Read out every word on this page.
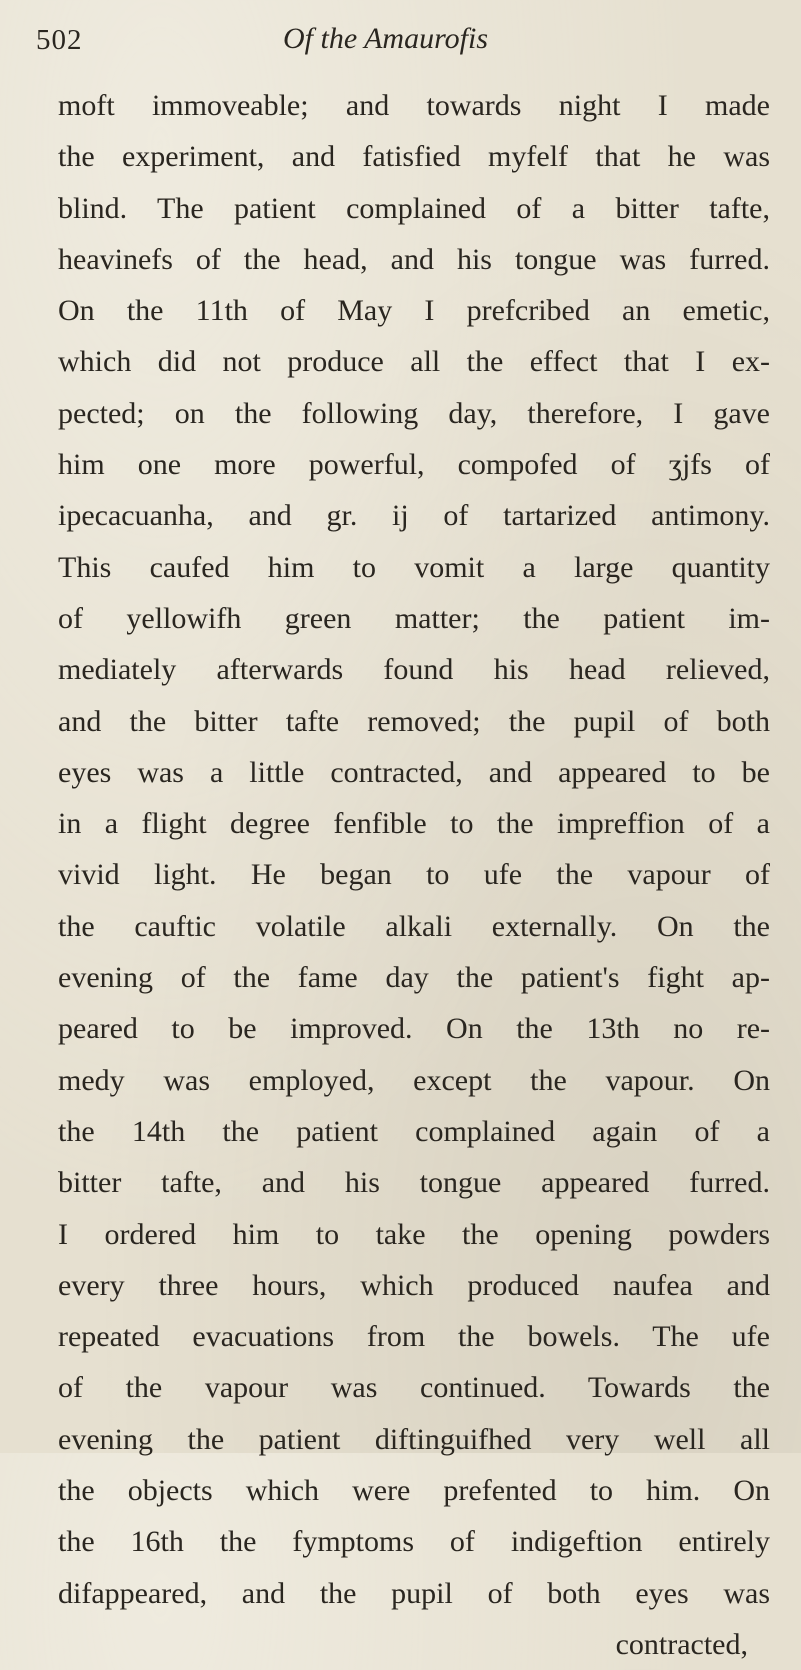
502	Of the Amaurofis
moft immoveable; and towards night I made
the experiment, and fatisfied myfelf that he was
blind. The patient complained of a bitter tafte,
heavinefs of the head, and his tongue was furred.
On the 11th of May I prefcribed an emetic,
which did not produce all the effect that I ex-
pected; on the following day, therefore, I gave
him one more powerful, compofed of ʒjfs of
ipecacuanha, and gr. ij of tartarized antimony.
This caufed him to vomit a large quantity
of yellowifh green matter; the patient im-
mediately afterwards found his head relieved,
and the bitter tafte removed; the pupil of both
eyes was a little contracted, and appeared to be
in a flight degree fenfible to the impreffion of a
vivid light. He began to ufe the vapour of
the cauftic volatile alkali externally. On the
evening of the fame day the patient's fight ap-
peared to be improved. On the 13th no re-
medy was employed, except the vapour. On
the 14th the patient complained again of a
bitter tafte, and his tongue appeared furred.
I ordered him to take the opening powders
every three hours, which produced naufea and
repeated evacuations from the bowels. The ufe
of the vapour was continued. Towards the
evening the patient diftinguifhed very well all
the objects which were prefented to him. On
the 16th the fymptoms of indigeftion entirely
difappeared, and the pupil of both eyes was
contracted,
